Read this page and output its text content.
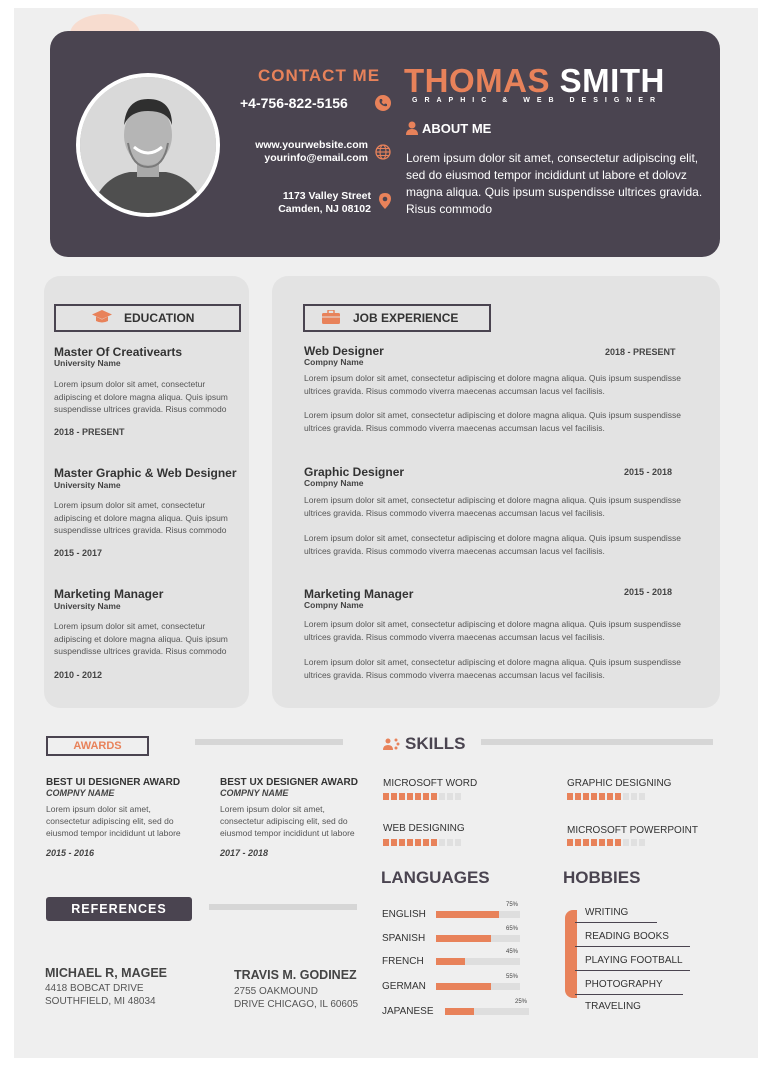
CONTACT ME
+4-756-822-5156
www.yourwebsite.com
yourinfo@email.com
1173 Valley Street
Camden, NJ 08102
THOMAS SMITH
GRAPHIC & WEB DESIGNER
ABOUT ME
Lorem ipsum dolor sit amet, consectetur adipiscing elit, sed do eiusmod tempor incididunt ut labore et dolovz magna aliqua. Quis ipsum suspendisse ultrices gravida. Risus commodo
EDUCATION
Master Of Creativearts
University Name
Lorem ipsum dolor sit amet, consectetur adipiscing et dolore magna aliqua. Quis ipsum suspendisse ultrices gravida. Risus commodo
2018 - PRESENT
Master Graphic & Web Designer
University Name
Lorem ipsum dolor sit amet, consectetur adipiscing et dolore magna aliqua. Quis ipsum suspendisse ultrices gravida. Risus commodo
2015 - 2017
Marketing Manager
University Name
Lorem ipsum dolor sit amet, consectetur adipiscing et dolore magna aliqua. Quis ipsum suspendisse ultrices gravida. Risus commodo
2010 - 2012
JOB EXPERIENCE
Web Designer
Compny Name
2018 - PRESENT
Lorem ipsum dolor sit amet, consectetur adipiscing et dolore magna aliqua. Quis ipsum suspendisse ultrices gravida. Risus commodo viverra maecenas accumsan lacus vel facilisis.
Lorem ipsum dolor sit amet, consectetur adipiscing et dolore magna aliqua. Quis ipsum suspendisse ultrices gravida. Risus commodo viverra maecenas accumsan lacus vel facilisis.
Graphic Designer
Compny Name
2015 - 2018
Lorem ipsum dolor sit amet, consectetur adipiscing et dolore magna aliqua. Quis ipsum suspendisse ultrices gravida. Risus commodo viverra maecenas accumsan lacus vel facilisis.
Lorem ipsum dolor sit amet, consectetur adipiscing et dolore magna aliqua. Quis ipsum suspendisse ultrices gravida. Risus commodo viverra maecenas accumsan lacus vel facilisis.
Marketing Manager
Compny Name
2015 - 2018
Lorem ipsum dolor sit amet, consectetur adipiscing et dolore magna aliqua. Quis ipsum suspendisse ultrices gravida. Risus commodo viverra maecenas accumsan lacus vel facilisis.
Lorem ipsum dolor sit amet, consectetur adipiscing et dolore magna aliqua. Quis ipsum suspendisse ultrices gravida. Risus commodo viverra maecenas accumsan lacus vel facilisis.
AWARDS
BEST UI DESIGNER AWARD
COMPNY NAME
Lorem ipsum dolor sit amet, consectetur adipiscing elit, sed do eiusmod tempor incididunt ut labore
2015 - 2016
BEST UX DESIGNER AWARD
COMPNY NAME
Lorem ipsum dolor sit amet, consectetur adipiscing elit, sed do eiusmod tempor incididunt ut labore
2017 - 2018
REFERENCES
MICHAEL R, MAGEE
4418 BOBCAT DRIVE
SOUTHFIELD, MI 48034
TRAVIS M. GODINEZ
2755 OAKMOUND
DRIVE CHICAGO, IL 60605
SKILLS
MICROSOFT WORD	GRAPHIC DESIGNING
WEB DESIGNING	MICROSOFT POWERPOINT
LANGUAGES
ENGLISH
75%
SPANISH
65%
FRENCH
45%
GERMAN
55%
JAPANESE
25%
HOBBIES
WRITING
READING BOOKS
PLAYING FOOTBALL
PHOTOGRAPHY
TRAVELING
